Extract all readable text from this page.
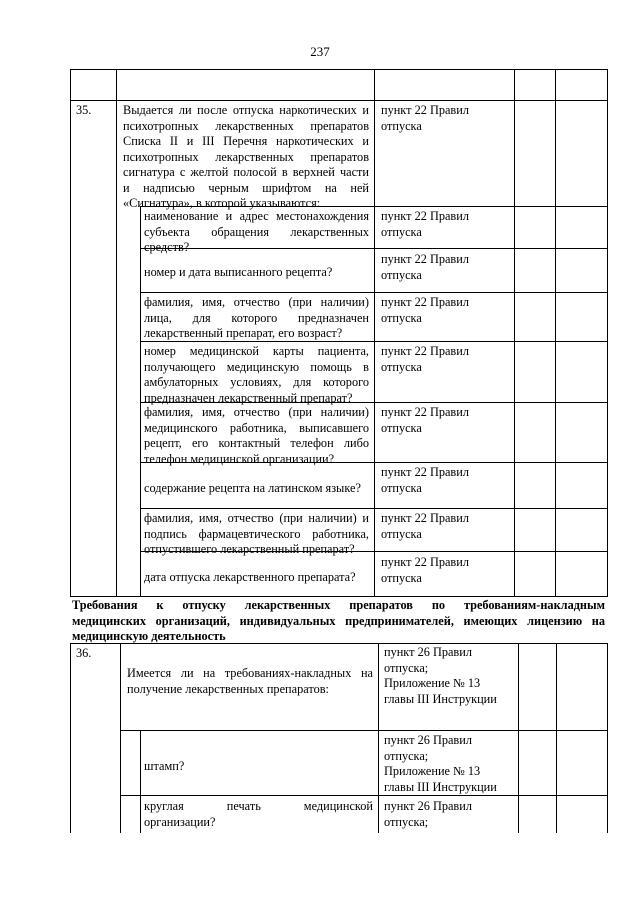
237
35.	Выдается ли после отпуска наркотических и
психотропных лекарственных препаратов
Списка II и III Перечня наркотических и
психотропных лекарственных препаратов
сигнатура с желтой полосой в верхней части
и надписью черным шрифтом на ней
«Сигнатура», в которой указываются:
пункт 22 Правил
отпуска
наименование и адрес местонахождения
субъекта обращения лекарственных
средств?
пункт 22 Правил
отпуска
номер и дата выписанного рецепта?
пункт 22 Правил
отпуска
фамилия, имя, отчество (при наличии)
лица, для которого предназначен
лекарственный препарат, его возраст?
пункт 22 Правил
отпуска
номер медицинской карты пациента,
получающего медицинскую помощь в
амбулаторных условиях, для которого
предназначен лекарственный препарат?
пункт 22 Правил
отпуска
фамилия, имя, отчество (при наличии)
медицинского работника, выписавшего
рецепт, его контактный телефон либо
телефон медицинской организации?
пункт 22 Правил
отпуска
содержание рецепта на латинском языке?
пункт 22 Правил
отпуска
фамилия, имя, отчество (при наличии) и
подпись фармацевтического работника,
отпустившего лекарственный препарат?
пункт 22 Правил
отпуска
дата отпуска лекарственного препарата?
пункт 22 Правил
отпуска
Требования к отпуску лекарственных препаратов по требованиям-накладным
медицинских организаций, индивидуальных предпринимателей, имеющих лицензию на
медицинскую деятельность
36.
Имеется ли на требованиях-накладных на
получение лекарственных препаратов:
пункт 26 Правил
отпуска;
Приложение № 13
главы III Инструкции
штамп?
пункт 26 Правил
отпуска;
Приложение № 13
главы III Инструкции
круглая печать медицинской
организации?
пункт 26 Правил
отпуска;
